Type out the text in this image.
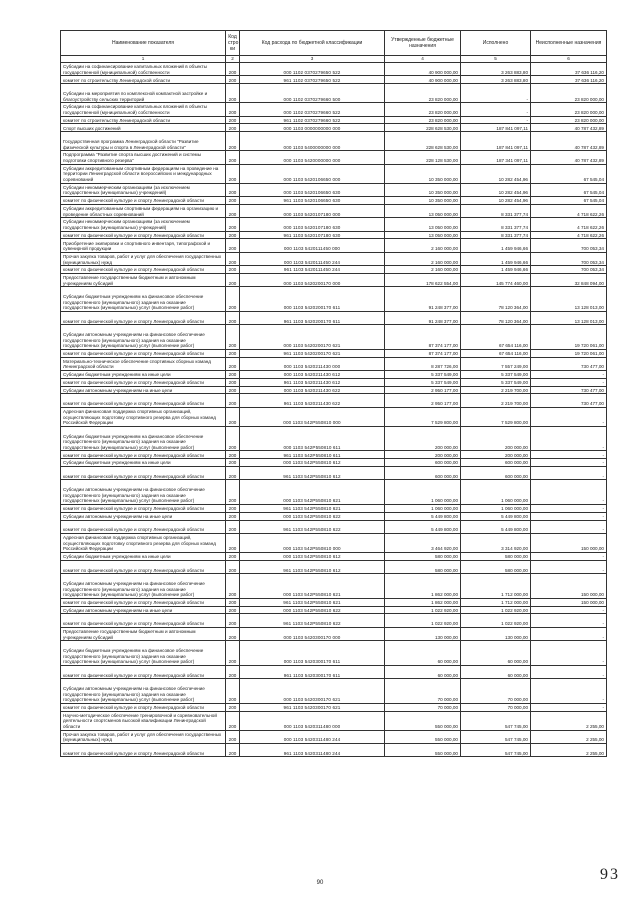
Наименование показателя	Код стро ки	Код расхода по бюджетной классификации	Утвержденные бюджетные назначения	Исполнено	Неисполненные назначения
1	2	3	4	5	6
Субсидии на софинансирование капитальных вложений в объекты государственной (муниципальной) собственности	200	000 1102 0370279650 522	40 900 000,00	3 263 883,80	37 636 116,20
комитет по строительству Ленинградской области	200	961 1102 0370279650 522	40 900 000,00	3 263 883,80	37 636 116,20
Субсидии на мероприятия по комплексной компактной застройке и благоустройству сельских территорий	200	000 1102 0370279660 500	23 820 000,00	-	23 820 000,00
Субсидии на софинансирование капитальных вложений в объекты государственной (муниципальной) собственности	200	000 1102 0370279660 522	23 820 000,00	-	23 820 000,00
комитет по строительству Ленинградской области	200	961 1102 0370279660 522	23 820 000,00	-	23 820 000,00
Спорт высших достижений	200	000 1103 0000000000 000	228 628 530,00	187 841 097,11	40 787 432,89
Государственная программа Ленинградской области "Развитие физической культуры и спорта в Ленинградской области"	200	000 1103 5400000000 000	228 628 530,00	187 841 097,11	40 787 432,89
Подпрограмма "Развитие спорта высших достижений и системы подготовки спортивного резерва"	200	000 1103 5420000000 000	228 128 530,00	187 341 097,11	40 787 432,89
Субсидии аккредитованным спортивным федерациям на проведение на территории Ленинградской области всероссийских и международных соревнований	200	000 1103 5420106650 000	10 350 000,00	10 282 454,96	67 545,04
Субсидии некоммерческим организациям (за исключением государственных (муниципальных) учреждений)	200	000 1103 5420106650 630	10 350 000,00	10 282 454,96	67 545,04
комитет по физической культуре и спорту Ленинградской области	200	961 1103 5420106650 630	10 350 000,00	10 282 454,96	67 545,04
Субсидии аккредитованным спортивным федерациям на организацию и проведение областных соревнований	200	000 1103 5420107180 000	13 050 000,00	8 331 377,74	4 718 622,26
Субсидии некоммерческим организациям (за исключением государственных (муниципальных) учреждений)	200	000 1103 5420107180 630	13 050 000,00	8 331 377,74	4 718 622,26
комитет по физической культуре и спорту Ленинградской области	200	961 1103 5420107180 630	13 050 000,00	8 331 377,74	4 718 622,26
Приобретение экипировки и спортивного инвентаря, типографской и сувенирной продукции	200	000 1103 5420111450 000	2 160 000,00	1 459 946,66	700 053,34
Прочая закупка товаров, работ и услуг для обеспечения государственных (муниципальных) нужд	200	000 1103 5420111450 244	2 160 000,00	1 459 946,66	700 053,34
комитет по физической культуре и спорту Ленинградской области	200	961 1103 5420111450 244	2 160 000,00	1 459 946,66	700 053,34
Предоставление государственным бюджетным и автономным учреждениям субсидий	200	000 1103 5420200170 000	178 622 554,00	145 774 460,00	32 848 094,00
Субсидии бюджетным учреждениям на финансовое обеспечение государственного (муниципального) задания на оказание государственных (муниципальных) услуг (выполнение работ)	200	000 1103 5420200170 611	91 248 377,00	78 120 364,00	13 128 013,00
комитет по физической культуре и спорту Ленинградской области	200	961 1103 5420200170 611	91 248 377,00	78 120 364,00	13 128 013,00
Субсидии автономным учреждениям на финансовое обеспечение государственного (муниципального) задания на оказание государственных (муниципальных) услуг (выполнение работ)	200	000 1103 5420200170 621	87 374 177,00	67 654 116,00	19 720 061,00
комитет по физической культуре и спорту Ленинградской области	200	961 1103 5420200170 621	87 374 177,00	67 654 116,00	19 720 061,00
Материально-техническое обеспечение спортивных сборных команд Ленинградской области	200	000 1103 5420211430 000	8 287 726,00	7 557 249,00	730 477,00
Субсидии бюджетным учреждениям на иные цели	200	000 1103 5420211430 612	5 337 549,00	5 337 549,00	-
комитет по физической культуре и спорту Ленинградской области	200	961 1103 5420211430 612	5 337 549,00	5 337 549,00	-
Субсидии автономным учреждениям на иные цели	200	000 1103 5420211430 622	2 950 177,00	2 219 700,00	730 477,00
комитет по физической культуре и спорту Ленинградской области	200	961 1103 5420211430 622	2 950 177,00	2 219 700,00	730 477,00
Адресная финансовая поддержка спортивных организаций, осуществляющих подготовку спортивного резерва для сборных команд Российской Федерации	200	000 1103 542Р550810 000	7 529 800,00	7 529 800,00	-
Субсидии бюджетным учреждениям на финансовое обеспечение государственного (муниципального) задания на оказание государственных (муниципальных) услуг (выполнение работ)	200	000 1103 542Р550810 611	200 000,00	200 000,00	-
комитет по физической культуре и спорту Ленинградской области	200	961 1103 542Р550810 611	200 000,00	200 000,00	-
Субсидии бюджетным учреждениям на иные цели	200	000 1103 542Р550810 612	600 000,00	600 000,00	-
комитет по физической культуре и спорту Ленинградской области	200	961 1103 542Р550810 612	600 000,00	600 000,00	-
Субсидии автономным учреждениям на финансовое обеспечение государственного (муниципального) задания на оказание государственных (муниципальных) услуг (выполнение работ)	200	000 1103 542Р550810 621	1 060 000,00	1 060 000,00	-
комитет по физической культуре и спорту Ленинградской области	200	961 1103 542Р550810 621	1 060 000,00	1 060 000,00	-
Субсидии автономным учреждениям на иные цели	200	000 1103 542Р550810 622	5 449 800,00	5 449 800,00	-
комитет по физической культуре и спорту Ленинградской области	200	961 1103 542Р550810 622	5 449 800,00	5 449 800,00	-
Адресная финансовая поддержка спортивных организаций, осуществляющих подготовку спортивного резерва для сборных команд Российской Федерации	200	000 1103 542Р550810 000	3 464 920,00	3 314 920,00	150 000,00
Субсидии бюджетным учреждениям на иные цели	200	000 1103 542Р550810 612	580 000,00	580 000,00	-
комитет по физической культуре и спорту Ленинградской области	200	961 1103 542Р550810 612	580 000,00	580 000,00	-
Субсидии автономным учреждениям на финансовое обеспечение государственного (муниципального) задания на оказание государственных (муниципальных) услуг (выполнение работ)	200	000 1103 542Р550810 621	1 862 000,00	1 712 000,00	150 000,00
комитет по физической культуре и спорту Ленинградской области	200	961 1103 542Р550810 621	1 862 000,00	1 712 000,00	150 000,00
Субсидии автономным учреждениям на иные цели	200	000 1103 542Р550810 622	1 022 920,00	1 022 920,00	-
комитет по физической культуре и спорту Ленинградской области	200	961 1103 542Р550810 622	1 022 920,00	1 022 920,00	-
Предоставление государственным бюджетным и автономным учреждениям субсидий	200	000 1103 5420300170 000	130 000,00	130 000,00	-
Субсидии бюджетным учреждениям на финансовое обеспечение государственного (муниципального) задания на оказание государственных (муниципальных) услуг (выполнение работ)	200	000 1103 5420300170 611	60 000,00	60 000,00	-
комитет по физической культуре и спорту Ленинградской области	200	961 1103 5420300170 611	60 000,00	60 000,00	-
Субсидии автономным учреждениям на финансовое обеспечение государственного (муниципального) задания на оказание государственных (муниципальных) услуг (выполнение работ)	200	000 1103 5420300170 621	70 000,00	70 000,00	-
комитет по физической культуре и спорту Ленинградской области	200	961 1103 5420300170 621	70 000,00	70 000,00	-
Научно-методическое обеспечение тренировочной и соревновательной деятельности спортсменов высокой квалификации Ленинградской области	200	000 1103 5420311480 000	550 000,00	547 745,00	2 255,00
Прочая закупка товаров, работ и услуг для обеспечения государственных (муниципальных) нужд	200	000 1103 5420311480 244	550 000,00	547 745,00	2 255,00
комитет по физической культуре и спорту Ленинградской области	200	961 1103 5420311480 244	550 000,00	547 745,00	2 255,00
90	93
